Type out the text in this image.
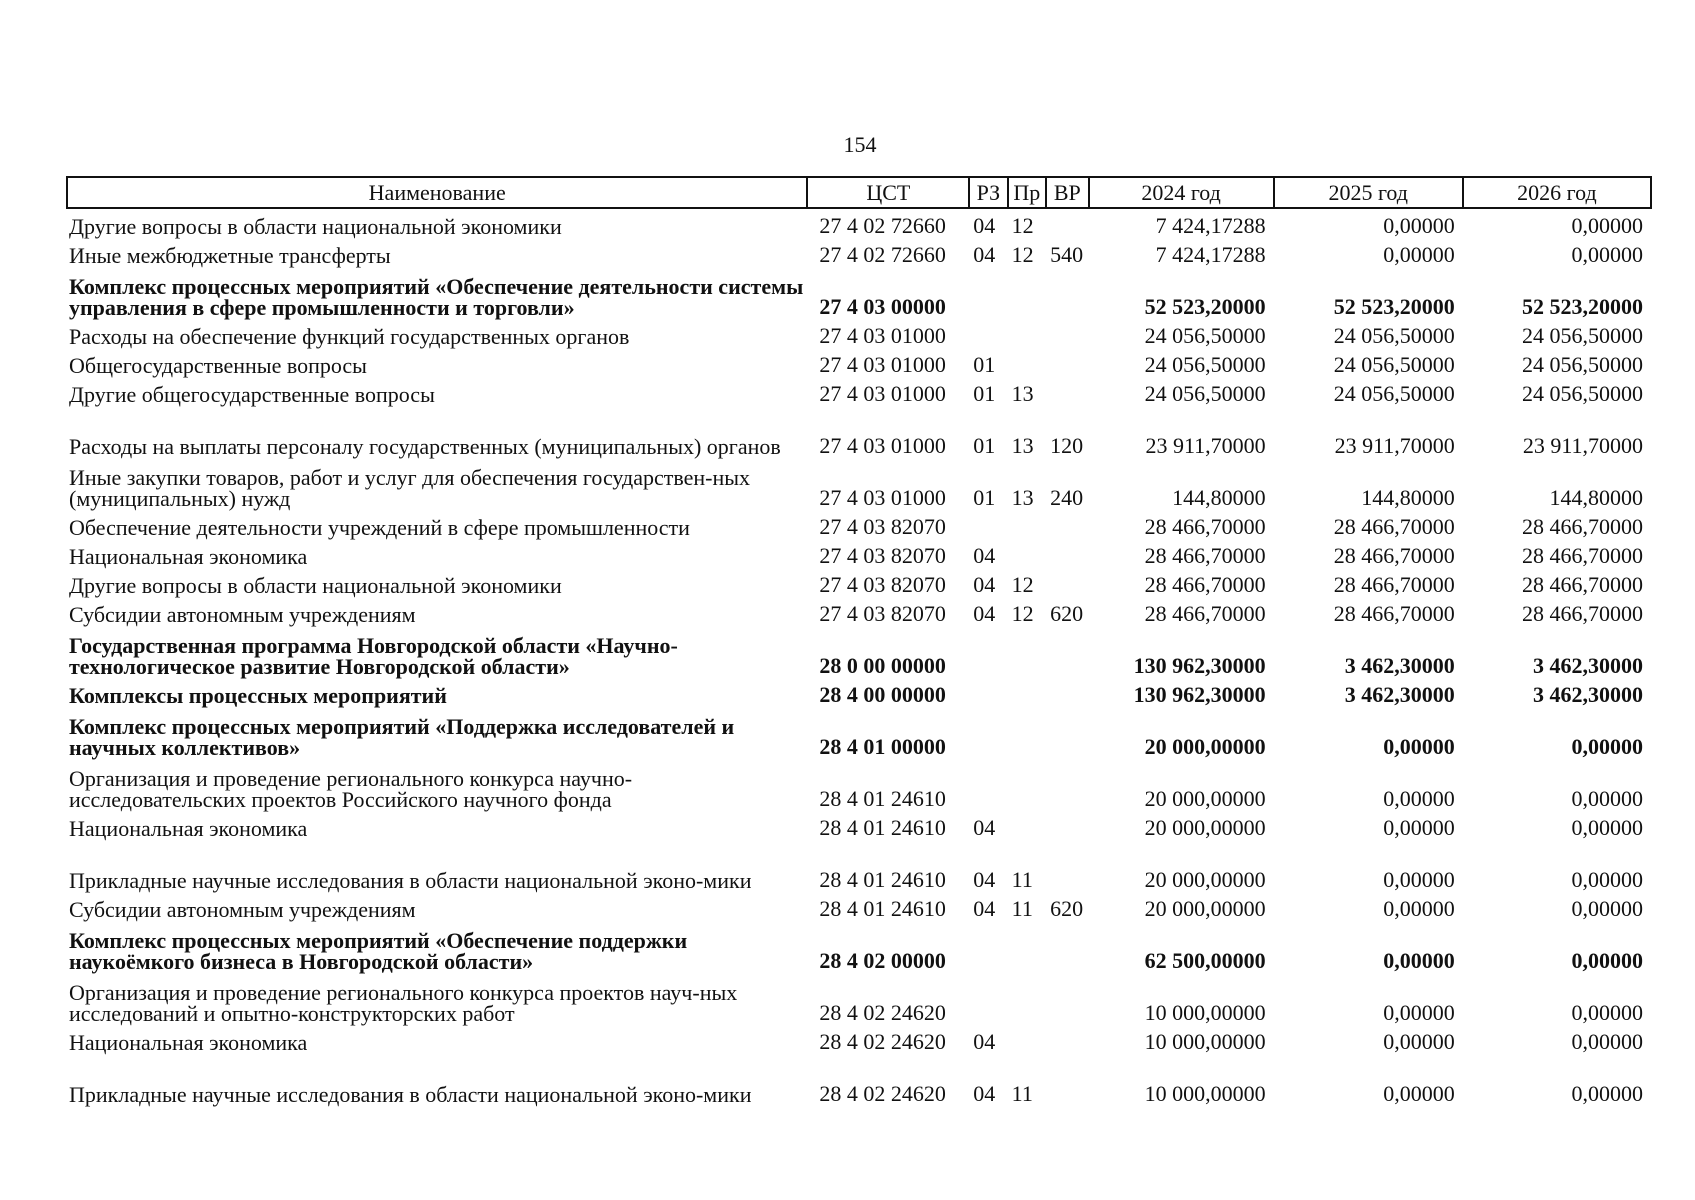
154
Наименование	ЦСТ	РЗ	Пр	ВР	2024 год	2025 год	2026 год
Другие вопросы в области национальной экономики	27 4 02 72660	04	12		7 424,17288	0,00000	0,00000
Иные межбюджетные трансферты	27 4 02 72660	04	12	540	7 424,17288	0,00000	0,00000
Комплекс процессных мероприятий «Обеспечение деятельности системы управления в сфере промышленности и торговли»	27 4 03 00000				52 523,20000	52 523,20000	52 523,20000
Расходы на обеспечение функций государственных органов	27 4 03 01000				24 056,50000	24 056,50000	24 056,50000
Общегосударственные вопросы	27 4 03 01000	01			24 056,50000	24 056,50000	24 056,50000
Другие общегосударственные вопросы	27 4 03 01000	01	13		24 056,50000	24 056,50000	24 056,50000
Расходы на выплаты персоналу государственных (муниципальных) органов	27 4 03 01000	01	13	120	23 911,70000	23 911,70000	23 911,70000
Иные закупки товаров, работ и услуг для обеспечения государствен-ных (муниципальных) нужд	27 4 03 01000	01	13	240	144,80000	144,80000	144,80000
Обеспечение деятельности учреждений в сфере промышленности	27 4 03 82070				28 466,70000	28 466,70000	28 466,70000
Национальная экономика	27 4 03 82070	04			28 466,70000	28 466,70000	28 466,70000
Другие вопросы в области национальной экономики	27 4 03 82070	04	12		28 466,70000	28 466,70000	28 466,70000
Субсидии автономным учреждениям	27 4 03 82070	04	12	620	28 466,70000	28 466,70000	28 466,70000
Государственная программа Новгородской области «Научно-технологическое развитие Новгородской области»	28 0 00 00000				130 962,30000	3 462,30000	3 462,30000
Комплексы процессных мероприятий	28 4 00 00000				130 962,30000	3 462,30000	3 462,30000
Комплекс процессных мероприятий «Поддержка исследователей и научных коллективов»	28 4 01 00000				20 000,00000	0,00000	0,00000
Организация и проведение регионального конкурса научно-исследовательских проектов Российского научного фонда	28 4 01 24610				20 000,00000	0,00000	0,00000
Национальная экономика	28 4 01 24610	04			20 000,00000	0,00000	0,00000
Прикладные научные исследования в области национальной эконо-мики	28 4 01 24610	04	11		20 000,00000	0,00000	0,00000
Субсидии автономным учреждениям	28 4 01 24610	04	11	620	20 000,00000	0,00000	0,00000
Комплекс процессных мероприятий «Обеспечение поддержки наукоёмкого бизнеса в Новгородской области»	28 4 02 00000				62 500,00000	0,00000	0,00000
Организация и проведение регионального конкурса проектов науч-ных исследований и опытно-конструкторских работ	28 4 02 24620				10 000,00000	0,00000	0,00000
Национальная экономика	28 4 02 24620	04			10 000,00000	0,00000	0,00000
Прикладные научные исследования в области национальной эконо-мики	28 4 02 24620	04	11		10 000,00000	0,00000	0,00000
